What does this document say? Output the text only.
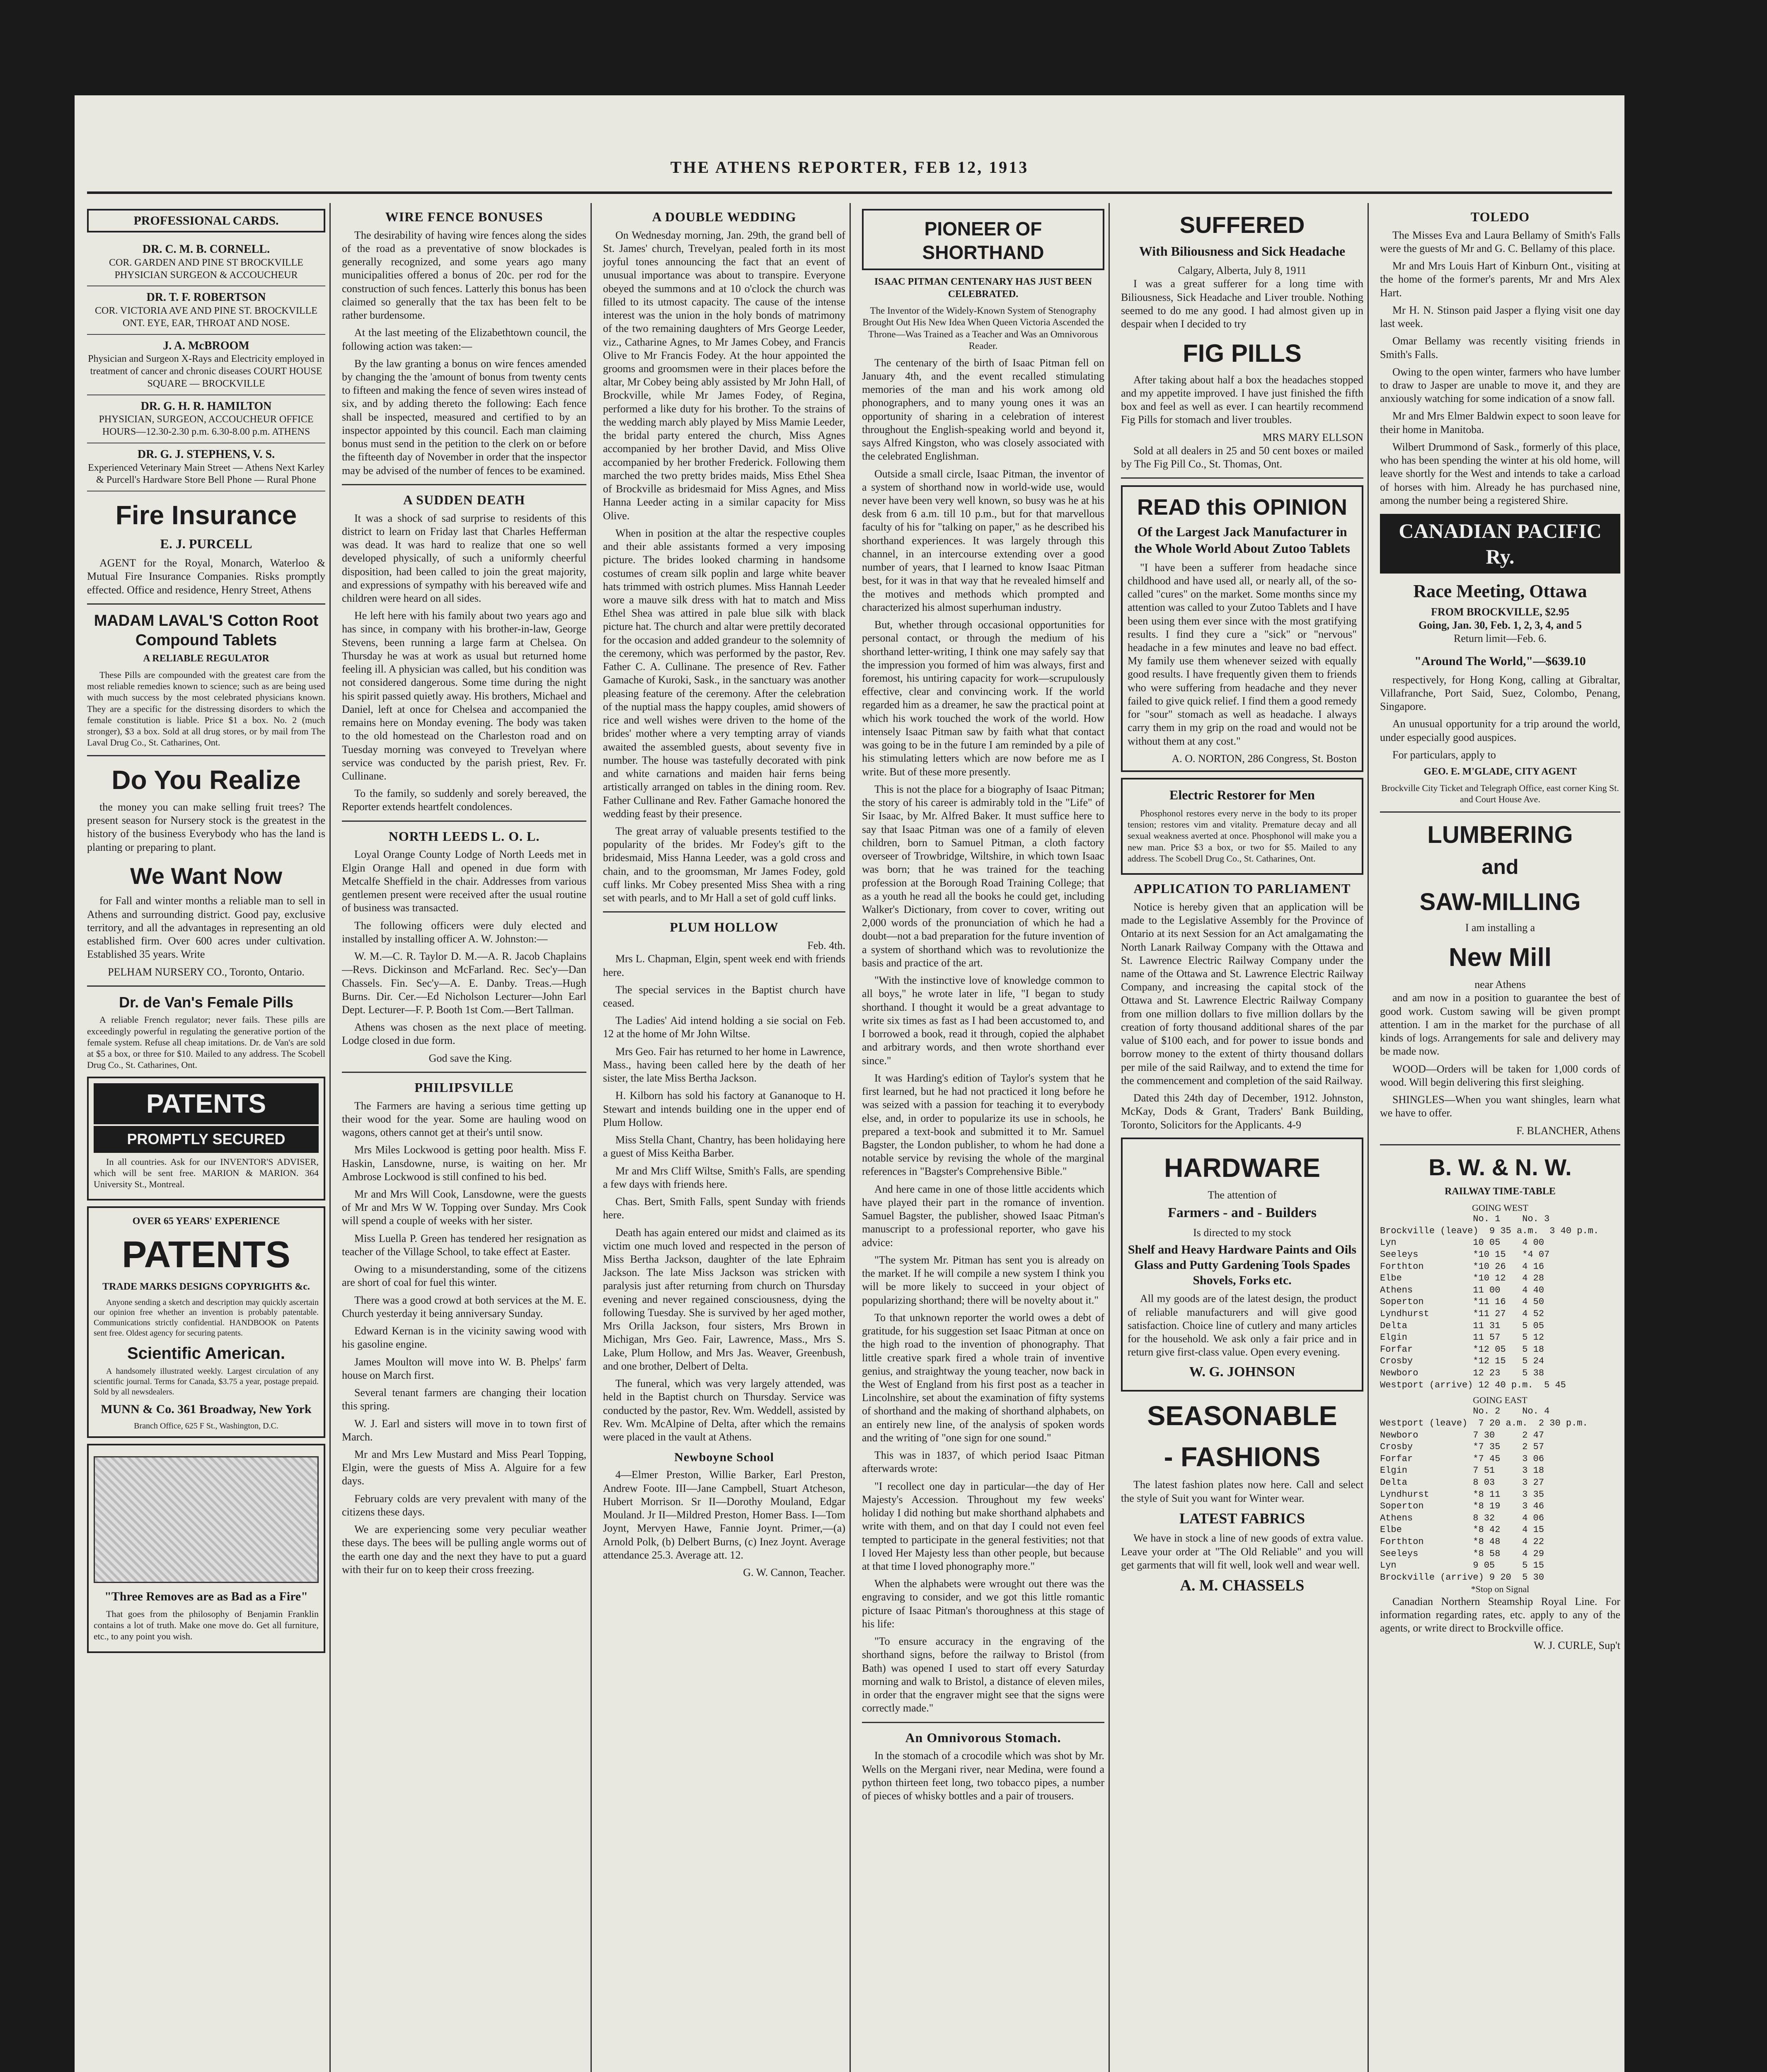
THE ATHENS REPORTER, FEB 12, 1913
PROFESSIONAL CARDS.
DR. C. M. B. CORNELL.
COR. GARDEN AND PINE ST BROCKVILLE PHYSICIAN SURGEON & ACCOUCHEUR
DR. T. F. ROBERTSON
COR. VICTORIA AVE AND PINE ST. BROCKVILLE ONT. EYE, EAR, THROAT AND NOSE.
J. A. McBROOM
Physician and Surgeon X-Rays and Electricity employed in treatment of cancer and chronic diseases COURT HOUSE SQUARE — BROCKVILLE
DR. G. H. R. HAMILTON
PHYSICIAN, SURGEON, ACCOUCHEUR OFFICE HOURS—12.30-2.30 p.m. 6.30-8.00 p.m. ATHENS
DR. G. J. STEPHENS, V. S.
Experienced Veterinary Main Street — Athens Next Karley & Purcell's Hardware Store Bell Phone — Rural Phone
Fire Insurance
E. J. PURCELL

AGENT for the Royal, Monarch, Waterloo & Mutual Fire Insurance Companies. Risks promptly effected. Office and residence, Henry Street, Athens

MADAM LAVAL'S Cotton Root Compound Tablets
A RELIABLE REGULATOR

These Pills are compounded with the greatest care from the most reliable remedies known to science; such as are being used with much success by the most celebrated physicians known. They are a specific for the distressing disorders to which the female constitution is liable. Price $1 a box. No. 2 (much stronger), $3 a box. Sold at all drug stores, or by mail from The Laval Drug Co., St. Catharines, Ont.

Do You Realize

the money you can make selling fruit trees? The present season for Nursery stock is the greatest in the history of the business Everybody who has the land is planting or preparing to plant.

We Want Now

for Fall and winter months a reliable man to sell in Athens and surrounding district. Good pay, exclusive territory, and all the advantages in representing an old established firm. Over 600 acres under cultivation. Established 35 years. Write

PELHAM NURSERY CO., Toronto, Ontario.
Dr. de Van's Female Pills

A reliable French regulator; never fails. These pills are exceedingly powerful in regulating the generative portion of the female system. Refuse all cheap imitations. Dr. de Van's are sold at $5 a box, or three for $10. Mailed to any address. The Scobell Drug Co., St. Catharines, Ont.

PATENTS
PROMPTLY SECURED

In all countries. Ask for our INVENTOR'S ADVISER, which will be sent free. MARION & MARION. 364 University St., Montreal.

OVER 65 YEARS' EXPERIENCE
PATENTS
TRADE MARKS DESIGNS COPYRIGHTS &c.

Anyone sending a sketch and description may quickly ascertain our opinion free whether an invention is probably patentable. Communications strictly confidential. HANDBOOK on Patents sent free. Oldest agency for securing patents.

Scientific American.

A handsomely illustrated weekly. Largest circulation of any scientific journal. Terms for Canada, $3.75 a year, postage prepaid. Sold by all newsdealers.

MUNN & Co. 361 Broadway, New York
Branch Office, 625 F St., Washington, D.C.
"Three Removes are as Bad as a Fire"

That goes from the philosophy of Benjamin Franklin contains a lot of truth. Make one move do. Get all furniture, etc., to any point you wish.

WIRE FENCE BONUSES

The desirability of having wire fences along the sides of the road as a preventative of snow blockades is generally recognized, and some years ago many municipalities offered a bonus of 20c. per rod for the construction of such fences. Latterly this bonus has been claimed so generally that the tax has been felt to be rather burdensome.

At the last meeting of the Elizabethtown council, the following action was taken:—

By the law granting a bonus on wire fences amended by changing the the 'amount of bonus from twenty cents to fifteen and making the fence of seven wires instead of six, and by adding thereto the following: Each fence shall be inspected, measured and certified to by an inspector appointed by this council. Each man claiming bonus must send in the petition to the clerk on or before the fifteenth day of November in order that the inspector may be advised of the number of fences to be examined.

A SUDDEN DEATH

It was a shock of sad surprise to residents of this district to learn on Friday last that Charles Hefferman was dead. It was hard to realize that one so well developed physically, of such a uniformly cheerful disposition, had been called to join the great majority, and expressions of sympathy with his bereaved wife and children were heard on all sides.

He left here with his family about two years ago and has since, in company with his brother-in-law, George Stevens, been running a large farm at Chelsea. On Thursday he was at work as usual but returned home feeling ill. A physician was called, but his condition was not considered dangerous. Some time during the night his spirit passed quietly away. His brothers, Michael and Daniel, left at once for Chelsea and accompanied the remains here on Monday evening. The body was taken to the old homestead on the Charleston road and on Tuesday morning was conveyed to Trevelyan where service was conducted by the parish priest, Rev. Fr. Cullinane.

To the family, so suddenly and sorely bereaved, the Reporter extends heartfelt condolences.

NORTH LEEDS L. O. L.

Loyal Orange County Lodge of North Leeds met in Elgin Orange Hall and opened in due form with Metcalfe Sheffield in the chair. Addresses from various gentlemen present were received after the usual routine of business was transacted.

The following officers were duly elected and installed by installing officer A. W. Johnston:—

W. M.—C. R. Taylor D. M.—A. R. Jacob Chaplains—Revs. Dickinson and McFarland. Rec. Sec'y—Dan Chassels. Fin. Sec'y—A. E. Danby. Treas.—Hugh Burns. Dir. Cer.—Ed Nicholson Lecturer—John Earl Dept. Lecturer—F. P. Booth 1st Com.—Bert Tallman.

Athens was chosen as the next place of meeting. Lodge closed in due form.

God save the King.

PHILIPSVILLE

The Farmers are having a serious time getting up their wood for the year. Some are hauling wood on wagons, others cannot get at their's until snow.

Mrs Miles Lockwood is getting poor health. Miss F. Haskin, Lansdowne, nurse, is waiting on her. Mr Ambrose Lockwood is still confined to his bed.

Mr and Mrs Will Cook, Lansdowne, were the guests of Mr and Mrs W W. Topping over Sunday. Mrs Cook will spend a couple of weeks with her sister.

Miss Luella P. Green has tendered her resignation as teacher of the Village School, to take effect at Easter.

Owing to a misunderstanding, some of the citizens are short of coal for fuel this winter.

There was a good crowd at both services at the M. E. Church yesterday it being anniversary Sunday.

Edward Kernan is in the vicinity sawing wood with his gasoline engine.

James Moulton will move into W. B. Phelps' farm house on March first.

Several tenant farmers are changing their location this spring.

W. J. Earl and sisters will move in to town first of March.

Mr and Mrs Lew Mustard and Miss Pearl Topping, Elgin, were the guests of Miss A. Alguire for a few days.

February colds are very prevalent with many of the citizens these days.

We are experiencing some very peculiar weather these days. The bees will be pulling angle worms out of the earth one day and the next they have to put a guard with their fur on to keep their cross freezing.

A DOUBLE WEDDING

On Wednesday morning, Jan. 29th, the grand bell of St. James' church, Trevelyan, pealed forth in its most joyful tones announcing the fact that an event of unusual importance was about to transpire. Everyone obeyed the summons and at 10 o'clock the church was filled to its utmost capacity. The cause of the intense interest was the union in the holy bonds of matrimony of the two remaining daughters of Mrs George Leeder, viz., Catharine Agnes, to Mr James Cobey, and Francis Olive to Mr Francis Fodey. At the hour appointed the grooms and groomsmen were in their places before the altar, Mr Cobey being ably assisted by Mr John Hall, of Brockville, while Mr James Fodey, of Regina, performed a like duty for his brother. To the strains of the wedding march ably played by Miss Mamie Leeder, the bridal party entered the church, Miss Agnes accompanied by her brother David, and Miss Olive accompanied by her brother Frederick. Following them marched the two pretty brides maids, Miss Ethel Shea of Brockville as bridesmaid for Miss Agnes, and Miss Hanna Leeder acting in a similar capacity for Miss Olive.

When in position at the altar the respective couples and their able assistants formed a very imposing picture. The brides looked charming in handsome costumes of cream silk poplin and large white beaver hats trimmed with ostrich plumes. Miss Hannah Leeder wore a mauve silk dress with hat to match and Miss Ethel Shea was attired in pale blue silk with black picture hat. The church and altar were prettily decorated for the occasion and added grandeur to the solemnity of the ceremony, which was performed by the pastor, Rev. Father C. A. Cullinane. The presence of Rev. Father Gamache of Kuroki, Sask., in the sanctuary was another pleasing feature of the ceremony. After the celebration of the nuptial mass the happy couples, amid showers of rice and well wishes were driven to the home of the brides' mother where a very tempting array of viands awaited the assembled guests, about seventy five in number. The house was tastefully decorated with pink and white carnations and maiden hair ferns being artistically arranged on tables in the dining room. Rev. Father Cullinane and Rev. Father Gamache honored the wedding feast by their presence.

The great array of valuable presents testified to the popularity of the brides. Mr Fodey's gift to the bridesmaid, Miss Hanna Leeder, was a gold cross and chain, and to the groomsman, Mr James Fodey, gold cuff links. Mr Cobey presented Miss Shea with a ring set with pearls, and to Mr Hall a set of gold cuff links.

PLUM HOLLOW
Feb. 4th.

Mrs L. Chapman, Elgin, spent week end with friends here.

The special services in the Baptist church have ceased.

The Ladies' Aid intend holding a sie social on Feb. 12 at the home of Mr John Wiltse.

Mrs Geo. Fair has returned to her home in Lawrence, Mass., having been called here by the death of her sister, the late Miss Bertha Jackson.

H. Kilborn has sold his factory at Gananoque to H. Stewart and intends building one in the upper end of Plum Hollow.

Miss Stella Chant, Chantry, has been holidaying here a guest of Miss Keitha Barber.

Mr and Mrs Cliff Wiltse, Smith's Falls, are spending a few days with friends here.

Chas. Bert, Smith Falls, spent Sunday with friends here.

Death has again entered our midst and claimed as its victim one much loved and respected in the person of Miss Bertha Jackson, daughter of the late Ephraim Jackson. The late Miss Jackson was stricken with paralysis just after returning from church on Thursday evening and never regained consciousness, dying the following Tuesday. She is survived by her aged mother, Mrs Orilla Jackson, four sisters, Mrs Brown in Michigan, Mrs Geo. Fair, Lawrence, Mass., Mrs S. Lake, Plum Hollow, and Mrs Jas. Weaver, Greenbush, and one brother, Delbert of Delta.

The funeral, which was very largely attended, was held in the Baptist church on Thursday. Service was conducted by the pastor, Rev. Wm. Weddell, assisted by Rev. Wm. McAlpine of Delta, after which the remains were placed in the vault at Athens.

Newboyne School

4—Elmer Preston, Willie Barker, Earl Preston, Andrew Foote. III—Jane Campbell, Stuart Atcheson, Hubert Morrison. Sr II—Dorothy Mouland, Edgar Mouland. Jr II—Mildred Preston, Homer Bass. I—Tom Joynt, Mervyen Hawe, Fannie Joynt. Primer,—(a) Arnold Polk, (b) Delbert Burns, (c) Inez Joynt. Average attendance 25.3. Average att. 12.

G. W. Cannon, Teacher.
PIONEER OF SHORTHAND
ISAAC PITMAN CENTENARY HAS JUST BEEN CELEBRATED.
The Inventor of the Widely-Known System of Stenography Brought Out His New Idea When Queen Victoria Ascended the Throne—Was Trained as a Teacher and Was an Omnivorous Reader.

The centenary of the birth of Isaac Pitman fell on January 4th, and the event recalled stimulating memories of the man and his work among old phonographers, and to many young ones it was an opportunity of sharing in a celebration of interest throughout the English-speaking world and beyond it, says Alfred Kingston, who was closely associated with the celebrated Englishman.

Outside a small circle, Isaac Pitman, the inventor of a system of shorthand now in world-wide use, would never have been very well known, so busy was he at his desk from 6 a.m. till 10 p.m., but for that marvellous faculty of his for "talking on paper," as he described his shorthand experiences. It was largely through this channel, in an intercourse extending over a good number of years, that I learned to know Isaac Pitman best, for it was in that way that he revealed himself and the motives and methods which prompted and characterized his almost superhuman industry.

But, whether through occasional opportunities for personal contact, or through the medium of his shorthand letter-writing, I think one may safely say that the impression you formed of him was always, first and foremost, his untiring capacity for work—scrupulously effective, clear and convincing work. If the world regarded him as a dreamer, he saw the practical point at which his work touched the work of the world. How intensely Isaac Pitman saw by faith what that contact was going to be in the future I am reminded by a pile of his stimulating letters which are now before me as I write. But of these more presently.

This is not the place for a biography of Isaac Pitman; the story of his career is admirably told in the "Life" of Sir Isaac, by Mr. Alfred Baker. It must suffice here to say that Isaac Pitman was one of a family of eleven children, born to Samuel Pitman, a cloth factory overseer of Trowbridge, Wiltshire, in which town Isaac was born; that he was trained for the teaching profession at the Borough Road Training College; that as a youth he read all the books he could get, including Walker's Dictionary, from cover to cover, writing out 2,000 words of the pronunciation of which he had a doubt—not a bad preparation for the future invention of a system of shorthand which was to revolutionize the basis and practice of the art.

"With the instinctive love of knowledge common to all boys," he wrote later in life, "I began to study shorthand. I thought it would be a great advantage to write six times as fast as I had been accustomed to, and I borrowed a book, read it through, copied the alphabet and arbitrary words, and then wrote shorthand ever since."

It was Harding's edition of Taylor's system that he first learned, but he had not practiced it long before he was seized with a passion for teaching it to everybody else, and, in order to popularize its use in schools, he prepared a text-book and submitted it to Mr. Samuel Bagster, the London publisher, to whom he had done a notable service by revising the whole of the marginal references in "Bagster's Comprehensive Bible."

And here came in one of those little accidents which have played their part in the romance of invention. Samuel Bagster, the publisher, showed Isaac Pitman's manuscript to a professional reporter, who gave his advice:

"The system Mr. Pitman has sent you is already on the market. If he will compile a new system I think you will be more likely to succeed in your object of popularizing shorthand; there will be novelty about it."

To that unknown reporter the world owes a debt of gratitude, for his suggestion set Isaac Pitman at once on the high road to the invention of phonography. That little creative spark fired a whole train of inventive genius, and straightway the young teacher, now back in the West of England from his first post as a teacher in Lincolnshire, set about the examination of fifty systems of shorthand and the making of shorthand alphabets, on an entirely new line, of the analysis of spoken words and the writing of "one sign for one sound."

This was in 1837, of which period Isaac Pitman afterwards wrote:

"I recollect one day in particular—the day of Her Majesty's Accession. Throughout my few weeks' holiday I did nothing but make shorthand alphabets and write with them, and on that day I could not even feel tempted to participate in the general festivities; not that I loved Her Majesty less than other people, but because at that time I loved phonography more."

When the alphabets were wrought out there was the engraving to consider, and we got this little romantic picture of Isaac Pitman's thoroughness at this stage of his life:

"To ensure accuracy in the engraving of the shorthand signs, before the railway to Bristol (from Bath) was opened I used to start off every Saturday morning and walk to Bristol, a distance of eleven miles, in order that the engraver might see that the signs were correctly made."

An Omnivorous Stomach.

In the stomach of a crocodile which was shot by Mr. Wells on the Mergani river, near Medina, were found a python thirteen feet long, two tobacco pipes, a number of pieces of whisky bottles and a pair of trousers.

SUFFERED
With Biliousness and Sick Headache
Calgary, Alberta, July 8, 1911

I was a great sufferer for a long time with Biliousness, Sick Headache and Liver trouble. Nothing seemed to do me any good. I had almost given up in despair when I decided to try

FIG PILLS

After taking about half a box the headaches stopped and my appetite improved. I have just finished the fifth box and feel as well as ever. I can heartily recommend Fig Pills for stomach and liver troubles.

MRS MARY ELLSON

Sold at all dealers in 25 and 50 cent boxes or mailed by The Fig Pill Co., St. Thomas, Ont.

READ this OPINION
Of the Largest Jack Manufacturer in the Whole World About Zutoo Tablets

"I have been a sufferer from headache since childhood and have used all, or nearly all, of the so-called "cures" on the market. Some months since my attention was called to your Zutoo Tablets and I have been using them ever since with the most gratifying results. I find they cure a "sick" or "nervous" headache in a few minutes and leave no bad effect. My family use them whenever seized with equally good results. I have frequently given them to friends who were suffering from headache and they never failed to give quick relief. I find them a good remedy for "sour" stomach as well as headache. I always carry them in my grip on the road and would not be without them at any cost."

A. O. NORTON, 286 Congress, St. Boston
Electric Restorer for Men

Phosphonol restores every nerve in the body to its proper tension; restores vim and vitality. Premature decay and all sexual weakness averted at once. Phosphonol will make you a new man. Price $3 a box, or two for $5. Mailed to any address. The Scobell Drug Co., St. Catharines, Ont.

APPLICATION TO PARLIAMENT

Notice is hereby given that an application will be made to the Legislative Assembly for the Province of Ontario at its next Session for an Act amalgamating the North Lanark Railway Company with the Ottawa and St. Lawrence Electric Railway Company under the name of the Ottawa and St. Lawrence Electric Railway Company, and increasing the capital stock of the Ottawa and St. Lawrence Electric Railway Company from one million dollars to five million dollars by the creation of forty thousand additional shares of the par value of $100 each, and for power to issue bonds and borrow money to the extent of thirty thousand dollars per mile of the said Railway, and to extend the time for the commencement and completion of the said Railway.

Dated this 24th day of December, 1912. Johnston, McKay, Dods & Grant, Traders' Bank Building, Toronto, Solicitors for the Applicants. 4-9

HARDWARE
The attention of
Farmers - and - Builders
Is directed to my stock
Shelf and Heavy Hardware Paints and Oils Glass and Putty Gardening Tools Spades Shovels, Forks etc.

All my goods are of the latest design, the product of reliable manufacturers and will give good satisfaction. Choice line of cutlery and many articles for the household. We ask only a fair price and in return give first-class value. Open every evening.

W. G. JOHNSON
SEASONABLE
- FASHIONS

The latest fashion plates now here. Call and select the style of Suit you want for Winter wear.

LATEST FABRICS

We have in stock a line of new goods of extra value. Leave your order at "The Old Reliable" and you will get garments that will fit well, look well and wear well.

A. M. CHASSELS
TOLEDO

The Misses Eva and Laura Bellamy of Smith's Falls were the guests of Mr and G. C. Bellamy of this place.

Mr and Mrs Louis Hart of Kinburn Ont., visiting at the home of the former's parents, Mr and Mrs Alex Hart.

Mr H. N. Stinson paid Jasper a flying visit one day last week.

Omar Bellamy was recently visiting friends in Smith's Falls.

Owing to the open winter, farmers who have lumber to draw to Jasper are unable to move it, and they are anxiously watching for some indication of a snow fall.

Mr and Mrs Elmer Baldwin expect to soon leave for their home in Manitoba.

Wilbert Drummond of Sask., formerly of this place, who has been spending the winter at his old home, will leave shortly for the West and intends to take a carload of horses with him. Already he has purchased nine, among the number being a registered Shire.

CANADIAN PACIFIC Ry.
Race Meeting, Ottawa
FROM BROCKVILLE, $2.95
Going, Jan. 30, Feb. 1, 2, 3, 4, and 5
Return limit—Feb. 6.
"Around The World,"—$639.10

respectively, for Hong Kong, calling at Gibraltar, Villafranche, Port Said, Suez, Colombo, Penang, Singapore.

An unusual opportunity for a trip around the world, under especially good auspices.

For particulars, apply to

GEO. E. M'GLADE, CITY AGENT
Brockville City Ticket and Telegraph Office, east corner King St. and Court House Ave.
LUMBERING
and
SAW-MILLING
I am installing a
New Mill
near Athens

and am now in a position to guarantee the best of good work. Custom sawing will be given prompt attention. I am in the market for the purchase of all kinds of logs. Arrangements for sale and delivery may be made now.

WOOD—Orders will be taken for 1,000 cords of wood. Will begin delivering this first sleighing.

SHINGLES—When you want shingles, learn what we have to offer.

F. BLANCHER, Athens
B. W. & N. W.
RAILWAY TIME-TABLE
GOING WEST
No. 1    No. 3
Brockville (leave)  9 35 a.m.  3 40 p.m.
Lyn              10 05    4 00
Seeleys          *10 15   *4 07
Forthton         *10 26   4 16
Elbe             *10 12   4 28
Athens           11 00    4 40
Soperton         *11 16   4 50
Lyndhurst        *11 27   4 52
Delta            11 31    5 05
Elgin            11 57    5 12
Forfar           *12 05   5 18
Crosby           *12 15   5 24
Newboro          12 23    5 38
Westport (arrive) 12 40 p.m.  5 45
GOING EAST
No. 2    No. 4
Westport (leave)  7 20 a.m.  2 30 p.m.
Newboro          7 30     2 47
Crosby           *7 35    2 57
Forfar           *7 45    3 06
Elgin            7 51     3 18
Delta            8 03     3 27
Lyndhurst        *8 11    3 35
Soperton         *8 19    3 46
Athens           8 32     4 06
Elbe             *8 42    4 15
Forthton         *8 48    4 22
Seeleys          *8 58    4 29
Lyn              9 05     5 15
Brockville (arrive) 9 20  5 30
*Stop on Signal

Canadian Northern Steamship Royal Line. For information regarding rates, etc. apply to any of the agents, or write direct to Brockville office.

W. J. CURLE, Sup't
